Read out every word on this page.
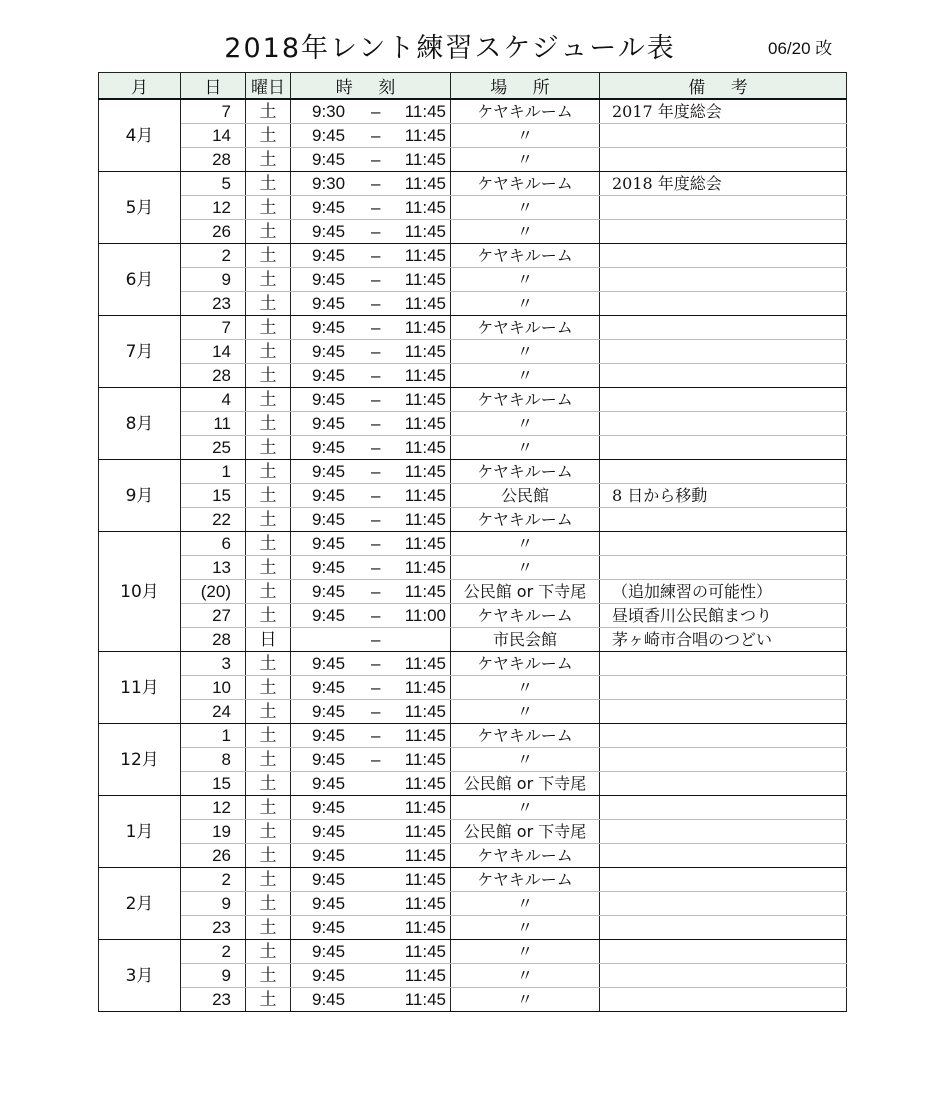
2018年レント練習スケジュール表	06/20 改
月	日	曜日	時 刻	場 所	備 考
4月	7	土	9:30 – 11:45	ケヤキルーム	2017 年度総会
	14	土	9:45 – 11:45	〃	
	28	土	9:45 – 11:45	〃	
5月	5	土	9:30 – 11:45	ケヤキルーム	2018 年度総会
	12	土	9:45 – 11:45	〃	
	26	土	9:45 – 11:45	〃	
6月	2	土	9:45 – 11:45	ケヤキルーム	
	9	土	9:45 – 11:45	〃	
	23	土	9:45 – 11:45	〃	
7月	7	土	9:45 – 11:45	ケヤキルーム	
	14	土	9:45 – 11:45	〃	
	28	土	9:45 – 11:45	〃	
8月	4	土	9:45 – 11:45	ケヤキルーム	
	11	土	9:45 – 11:45	〃	
	25	土	9:45 – 11:45	〃	
9月	1	土	9:45 – 11:45	ケヤキルーム	
	15	土	9:45 – 11:45	公民館	8 日から移動
	22	土	9:45 – 11:45	ケヤキルーム	
10月	6	土	9:45 – 11:45	〃	
	13	土	9:45 – 11:45	〃	
	(20)	土	9:45 – 11:45	公民館 or 下寺尾	（追加練習の可能性）
	27	土	9:45 – 11:00	ケヤキルーム	昼頃香川公民館まつり
	28	日	–	市民会館	茅ヶ崎市合唱のつどい
11月	3	土	9:45 – 11:45	ケヤキルーム	
	10	土	9:45 – 11:45	〃	
	24	土	9:45 – 11:45	〃	
12月	1	土	9:45 – 11:45	ケヤキルーム	
	8	土	9:45 – 11:45	〃	
	15	土	9:45 11:45	公民館 or 下寺尾	
1月	12	土	9:45 11:45	〃	
	19	土	9:45 11:45	公民館 or 下寺尾	
	26	土	9:45 11:45	ケヤキルーム	
2月	2	土	9:45 11:45	ケヤキルーム	
	9	土	9:45 11:45	〃	
	23	土	9:45 11:45	〃	
3月	2	土	9:45 11:45	〃	
	9	土	9:45 11:45	〃	
	23	土	9:45 11:45	〃	
